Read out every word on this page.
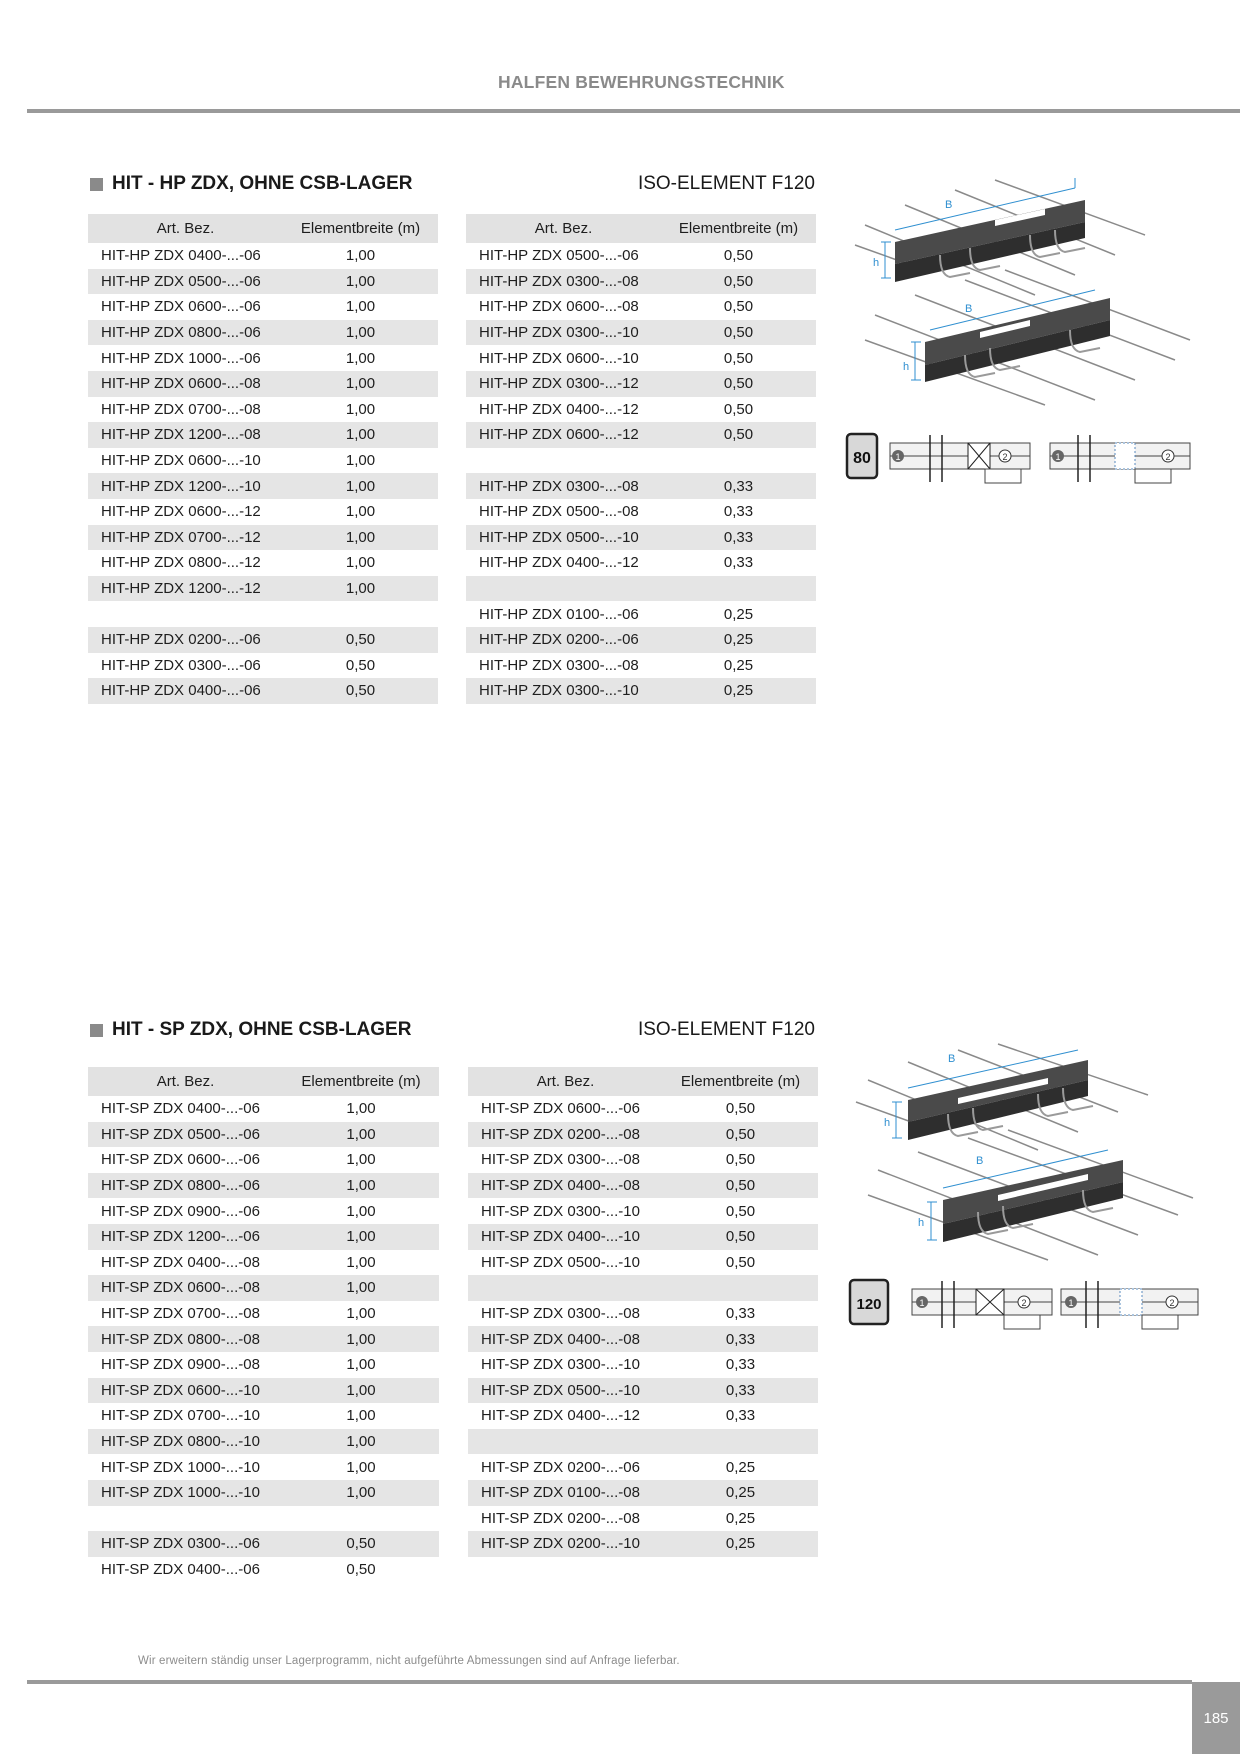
HALFEN BEWEHRUNGSTECHNIK
HIT - HP ZDX, OHNE CSB-LAGER	ISO-ELEMENT F120
Art. Bez.	Elementbreite (m)
HIT-HP ZDX 0400-...-06	1,00
HIT-HP ZDX 0500-...-06	1,00
HIT-HP ZDX 0600-...-06	1,00
HIT-HP ZDX 0800-...-06	1,00
HIT-HP ZDX 1000-...-06	1,00
HIT-HP ZDX 0600-...-08	1,00
HIT-HP ZDX 0700-...-08	1,00
HIT-HP ZDX 1200-...-08	1,00
HIT-HP ZDX 0600-...-10	1,00
HIT-HP ZDX 1200-...-10	1,00
HIT-HP ZDX 0600-...-12	1,00
HIT-HP ZDX 0700-...-12	1,00
HIT-HP ZDX 0800-...-12	1,00
HIT-HP ZDX 1200-...-12	1,00

HIT-HP ZDX 0200-...-06	0,50
HIT-HP ZDX 0300-...-06	0,50
HIT-HP ZDX 0400-...-06	0,50
Art. Bez.	Elementbreite (m)
HIT-HP ZDX 0500-...-06	0,50
HIT-HP ZDX 0300-...-08	0,50
HIT-HP ZDX 0600-...-08	0,50
HIT-HP ZDX 0300-...-10	0,50
HIT-HP ZDX 0600-...-10	0,50
HIT-HP ZDX 0300-...-12	0,50
HIT-HP ZDX 0400-...-12	0,50
HIT-HP ZDX 0600-...-12	0,50

HIT-HP ZDX 0300-...-08	0,33
HIT-HP ZDX 0500-...-08	0,33
HIT-HP ZDX 0500-...-10	0,33
HIT-HP ZDX 0400-...-12	0,33

HIT-HP ZDX 0100-...-06	0,25
HIT-HP ZDX 0200-...-06	0,25
HIT-HP ZDX 0300-...-08	0,25
HIT-HP ZDX 0300-...-10	0,25
B
h
B
h
80	1	2	1	2
HIT - SP ZDX, OHNE CSB-LAGER	ISO-ELEMENT F120
Art. Bez.	Elementbreite (m)
HIT-SP ZDX 0400-...-06	1,00
HIT-SP ZDX 0500-...-06	1,00
HIT-SP ZDX 0600-...-06	1,00
HIT-SP ZDX 0800-...-06	1,00
HIT-SP ZDX 0900-...-06	1,00
HIT-SP ZDX 1200-...-06	1,00
HIT-SP ZDX 0400-...-08	1,00
HIT-SP ZDX 0600-...-08	1,00
HIT-SP ZDX 0700-...-08	1,00
HIT-SP ZDX 0800-...-08	1,00
HIT-SP ZDX 0900-...-08	1,00
HIT-SP ZDX 0600-...-10	1,00
HIT-SP ZDX 0700-...-10	1,00
HIT-SP ZDX 0800-...-10	1,00
HIT-SP ZDX 1000-...-10	1,00
HIT-SP ZDX 1000-...-10	1,00

HIT-SP ZDX 0300-...-06	0,50
HIT-SP ZDX 0400-...-06	0,50
Art. Bez.	Elementbreite (m)
HIT-SP ZDX 0600-...-06	0,50
HIT-SP ZDX 0200-...-08	0,50
HIT-SP ZDX 0300-...-08	0,50
HIT-SP ZDX 0400-...-08	0,50
HIT-SP ZDX 0300-...-10	0,50
HIT-SP ZDX 0400-...-10	0,50
HIT-SP ZDX 0500-...-10	0,50

HIT-SP ZDX 0300-...-08	0,33
HIT-SP ZDX 0400-...-08	0,33
HIT-SP ZDX 0300-...-10	0,33
HIT-SP ZDX 0500-...-10	0,33
HIT-SP ZDX 0400-...-12	0,33

HIT-SP ZDX 0200-...-06	0,25
HIT-SP ZDX 0100-...-08	0,25
HIT-SP ZDX 0200-...-08	0,25
HIT-SP ZDX 0200-...-10	0,25
B
h
B
h
120	1	2	1	2
Wir erweitern ständig unser Lagerprogramm, nicht aufgeführte Abmessungen sind auf Anfrage lieferbar.
185
